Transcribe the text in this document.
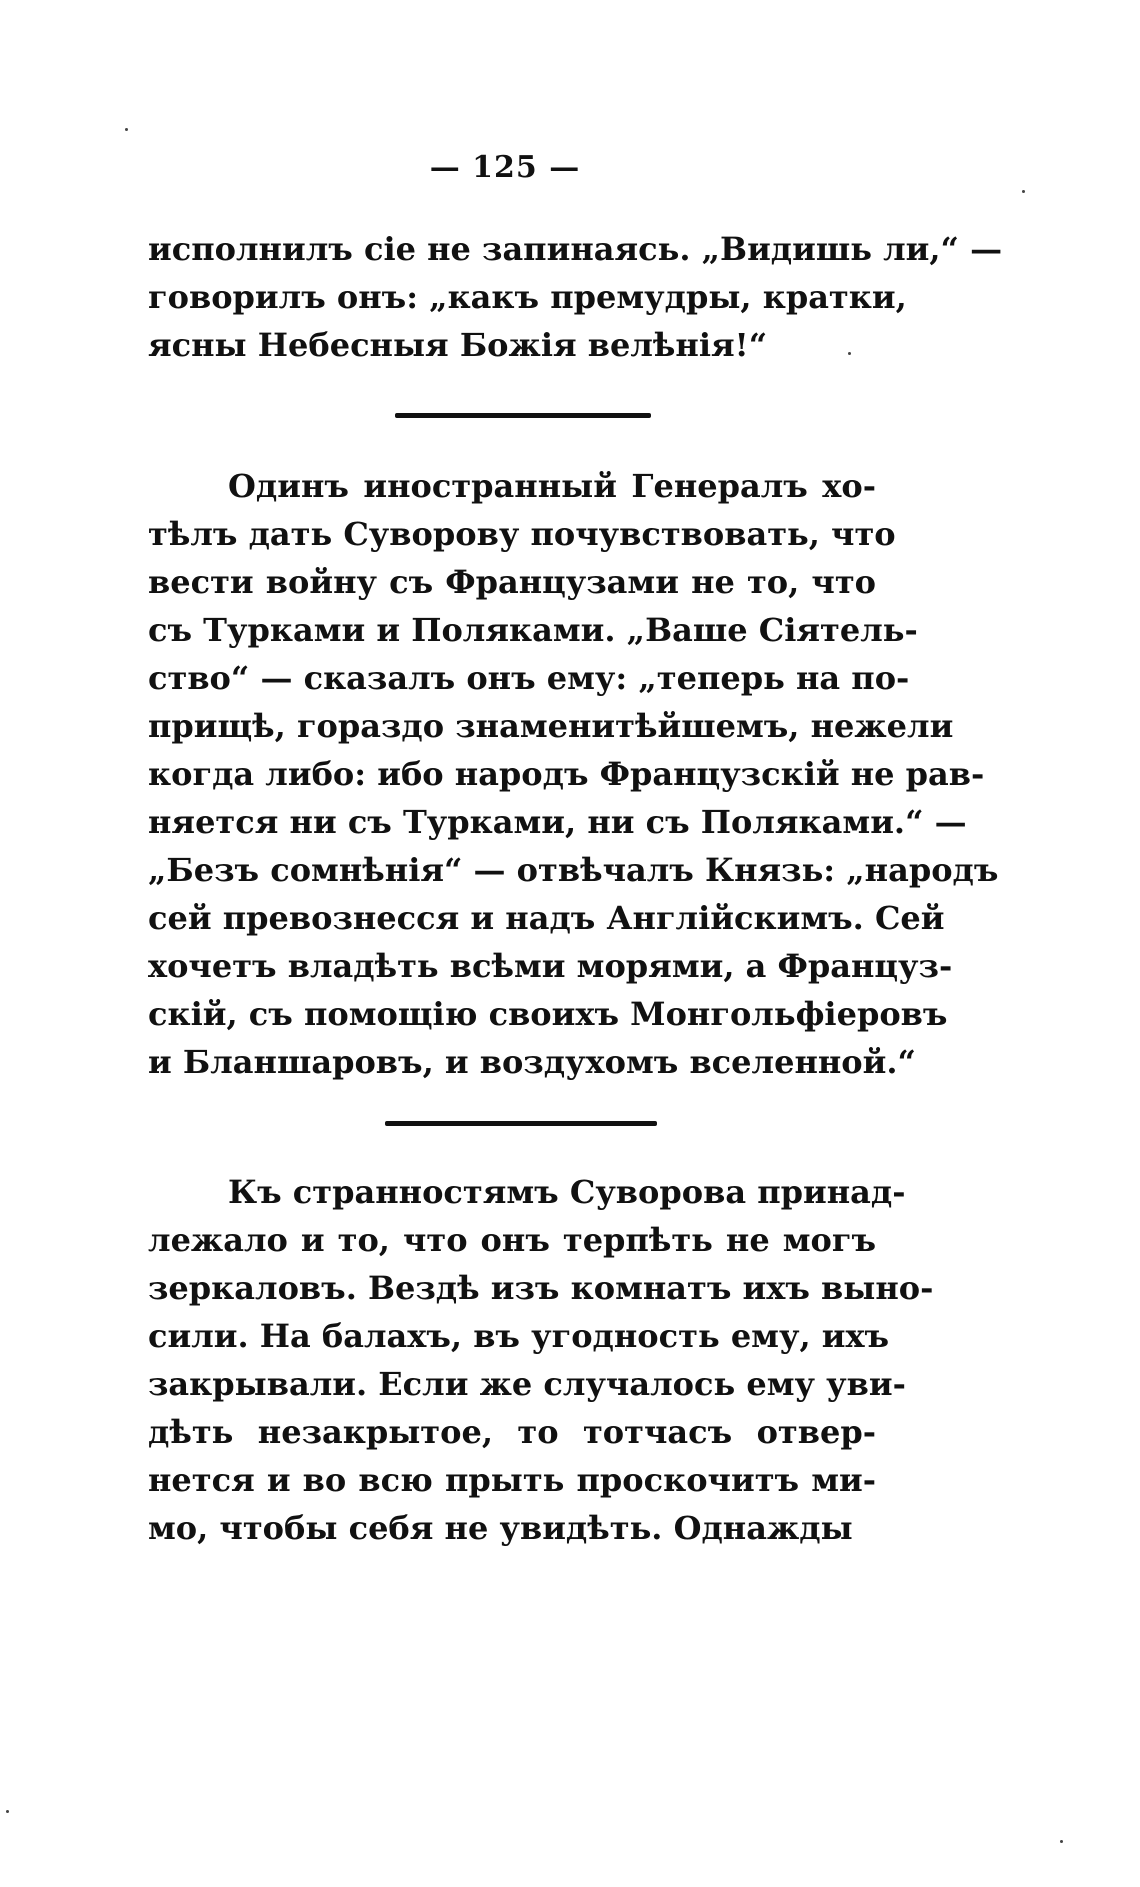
— 125 —
исполнилъ сіе не запинаясь. „Видишь ли,“ —
говорилъ онъ: „какъ премудры, кратки,
ясны Небесныя Божія велѣнія!“
Одинъ иностранный Генералъ хо-
тѣлъ дать Суворову почувствовать, что
вести войну съ Французами не то, что
съ Турками и Поляками. „Ваше Сіятель-
ство“ — сказалъ онъ ему: „теперь на по-
прищѣ, гораздо знаменитѣйшемъ, нежели
когда либо: ибо народъ Французскій не рав-
няется ни съ Турками, ни съ Поляками.“ —
„Безъ сомнѣнія“ — отвѣчалъ Князь: „народъ
сей превознесся и надъ Англійскимъ. Сей
хочетъ владѣть всѣми морями, а Француз-
скій, съ помощію своихъ Монгольфіеровъ
и Бланшаровъ, и воздухомъ вселенной.“
Къ странностямъ Суворова принад-
лежало и то, что онъ терпѣть не могъ
зеркаловъ. Вездѣ изъ комнатъ ихъ выно-
сили. На балахъ, въ угодность ему, ихъ
закрывали. Если же случалось ему уви-
дѣть незакрытое, то тотчасъ отвер-
нется и во всю прыть проскочитъ ми-
мо, чтобы себя не увидѣть. Однажды
